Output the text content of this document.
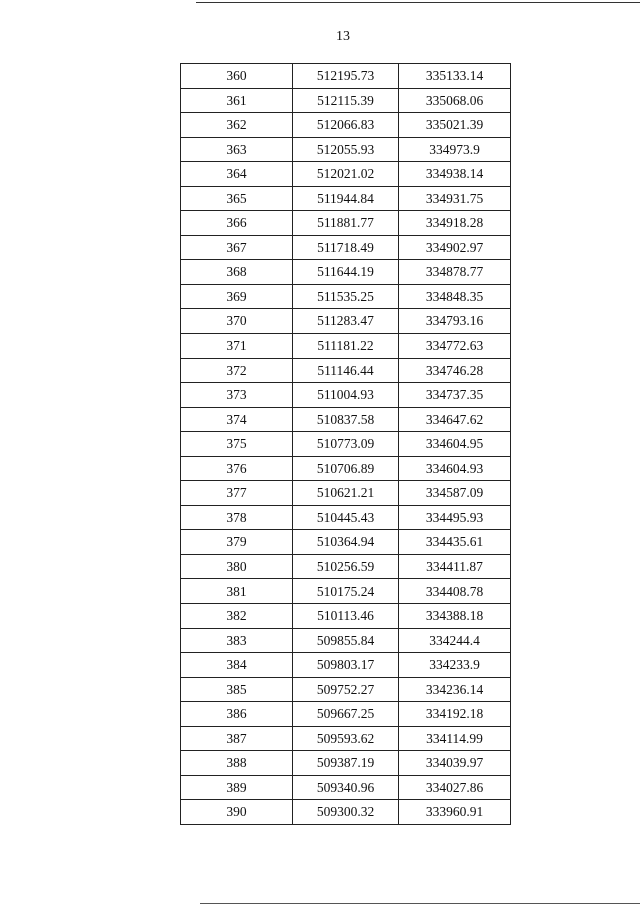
13
360	512195.73	335133.14
361	512115.39	335068.06
362	512066.83	335021.39
363	512055.93	334973.9
364	512021.02	334938.14
365	511944.84	334931.75
366	511881.77	334918.28
367	511718.49	334902.97
368	511644.19	334878.77
369	511535.25	334848.35
370	511283.47	334793.16
371	511181.22	334772.63
372	511146.44	334746.28
373	511004.93	334737.35
374	510837.58	334647.62
375	510773.09	334604.95
376	510706.89	334604.93
377	510621.21	334587.09
378	510445.43	334495.93
379	510364.94	334435.61
380	510256.59	334411.87
381	510175.24	334408.78
382	510113.46	334388.18
383	509855.84	334244.4
384	509803.17	334233.9
385	509752.27	334236.14
386	509667.25	334192.18
387	509593.62	334114.99
388	509387.19	334039.97
389	509340.96	334027.86
390	509300.32	333960.91
